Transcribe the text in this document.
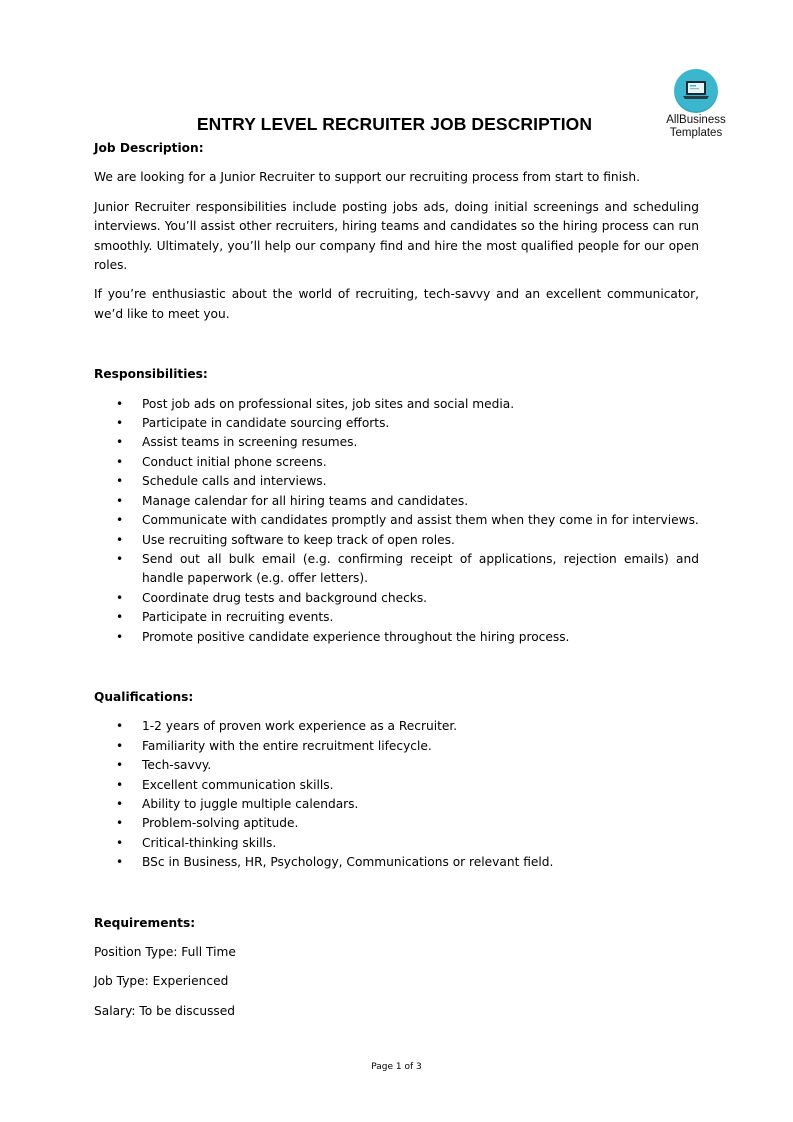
AllBusiness
Templates
ENTRY LEVEL RECRUITER JOB DESCRIPTION
Job Description:

We are looking for a Junior Recruiter to support our recruiting process from start to finish.

Junior Recruiter responsibilities include posting jobs ads, doing initial screenings and scheduling interviews. You’ll assist other recruiters, hiring teams and candidates so the hiring process can run smoothly. Ultimately, you’ll help our company find and hire the most qualified people for our open roles.

If you’re enthusiastic about the world of recruiting, tech-savvy and an excellent communicator, we’d like to meet you.

Responsibilities:
• Post job ads on professional sites, job sites and social media.
• Participate in candidate sourcing efforts.
• Assist teams in screening resumes.
• Conduct initial phone screens.
• Schedule calls and interviews.
• Manage calendar for all hiring teams and candidates.
• Communicate with candidates promptly and assist them when they come in for interviews.
• Use recruiting software to keep track of open roles.
• Send out all bulk email (e.g. confirming receipt of applications, rejection emails) and handle paperwork (e.g. offer letters).
• Coordinate drug tests and background checks.
• Participate in recruiting events.
• Promote positive candidate experience throughout the hiring process.
Qualifications:
• 1-2 years of proven work experience as a Recruiter.
• Familiarity with the entire recruitment lifecycle.
• Tech-savvy.
• Excellent communication skills.
• Ability to juggle multiple calendars.
• Problem-solving aptitude.
• Critical-thinking skills.
• BSc in Business, HR, Psychology, Communications or relevant field.
Requirements:

Position Type: Full Time

Job Type: Experienced

Salary: To be discussed

Page 1 of 3
